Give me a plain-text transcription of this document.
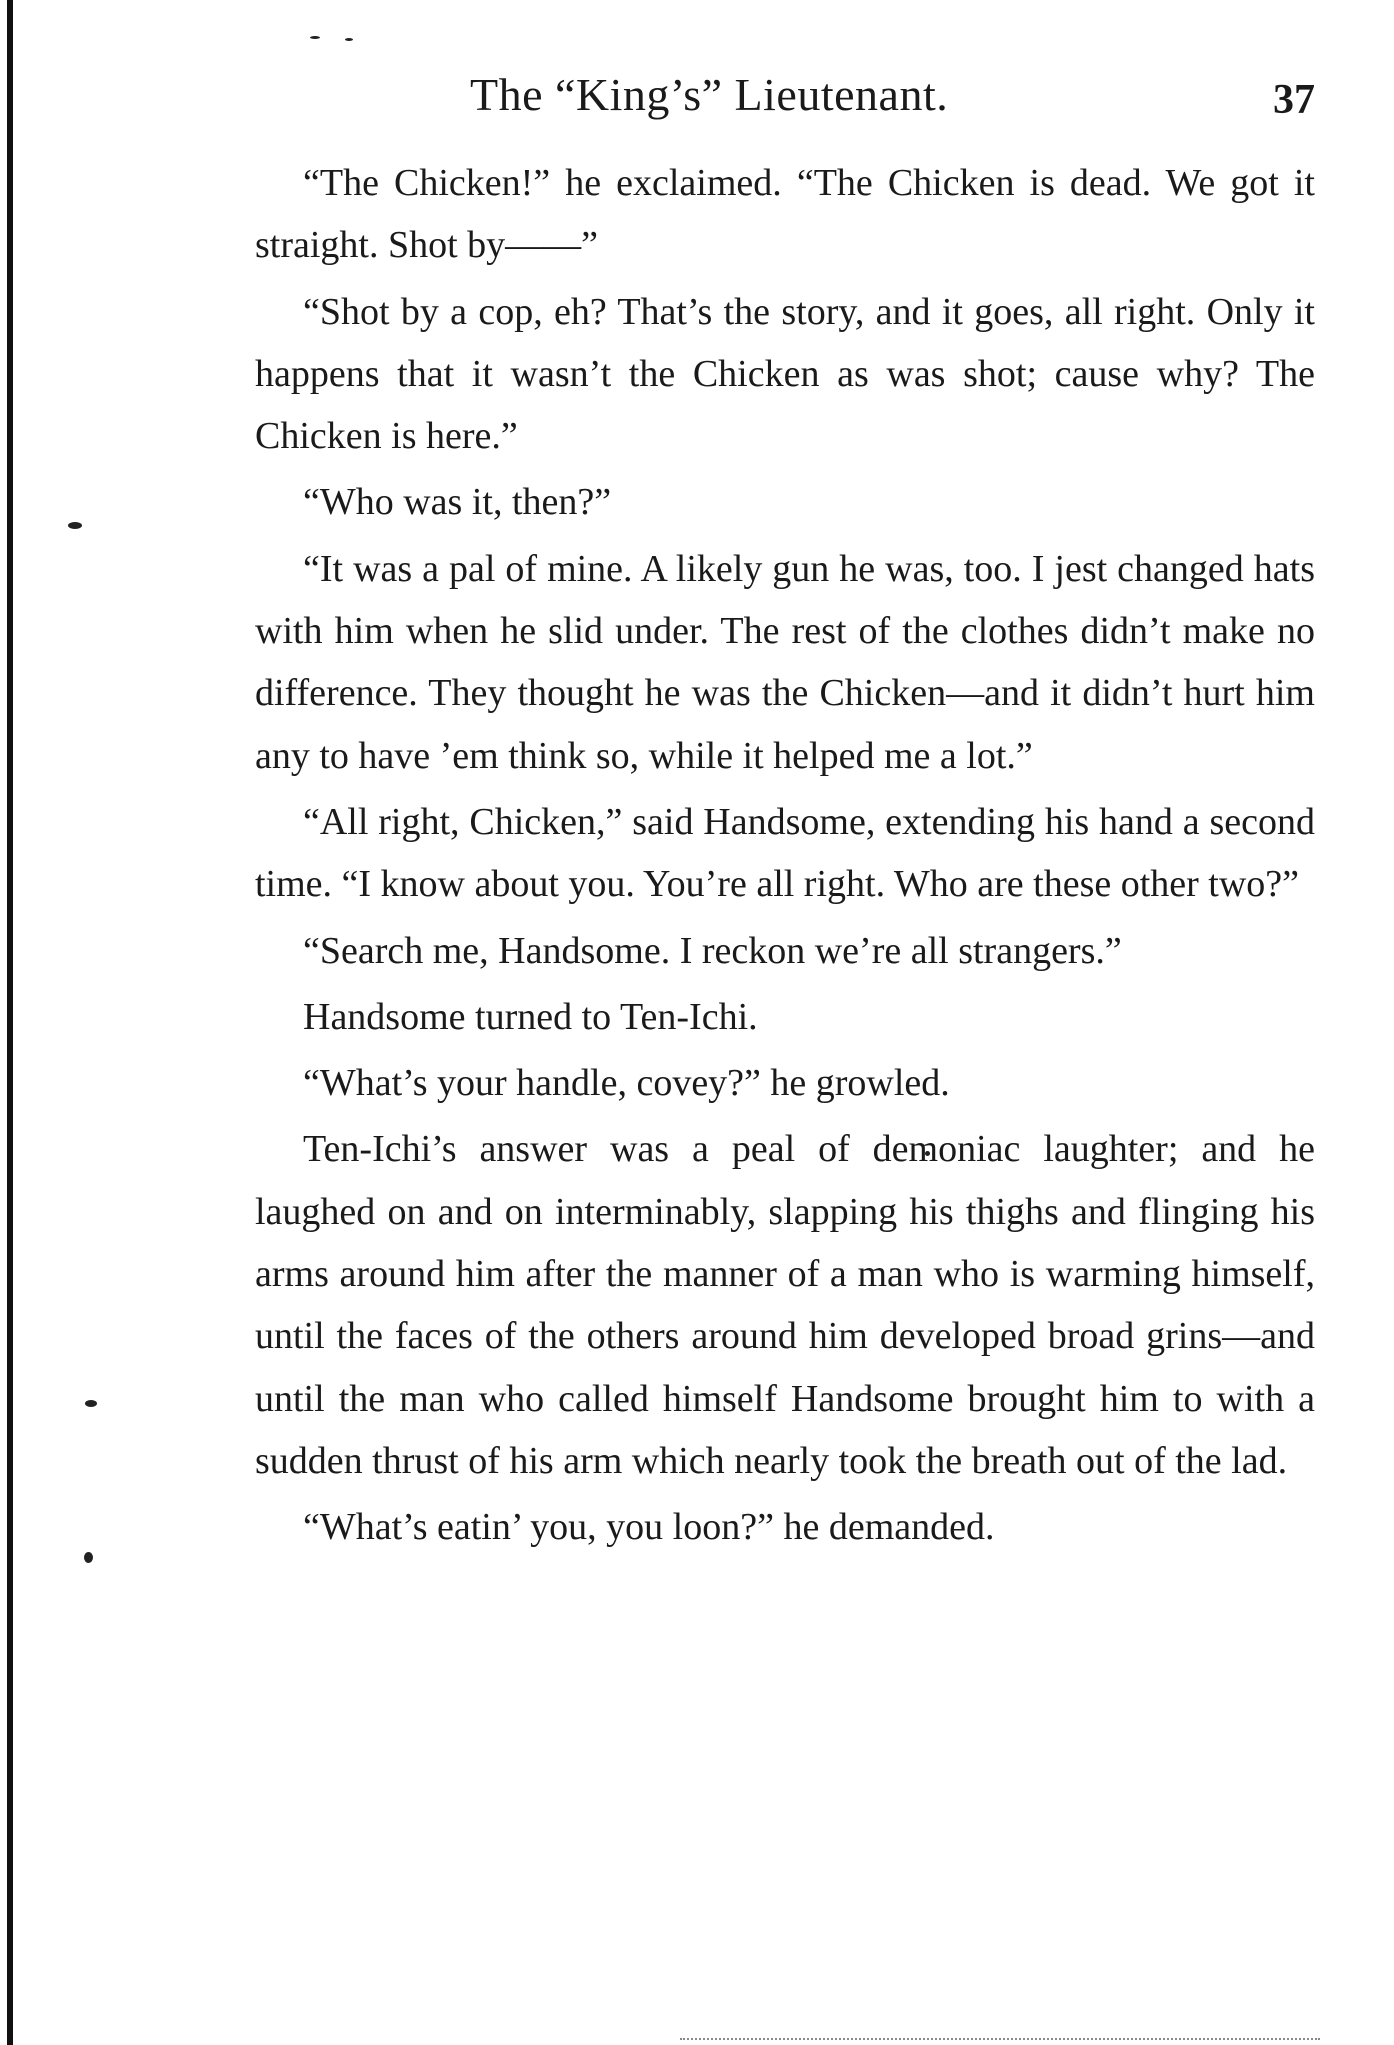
The “King’s” Lieutenant.	37

“The Chicken!” he exclaimed. “The Chicken is dead. We got it straight. Shot by——”

“Shot by a cop, eh? That’s the story, and it goes, all right. Only it happens that it wasn’t the Chicken as was shot; cause why? The Chicken is here.”

“Who was it, then?”

“It was a pal of mine. A likely gun he was, too. I jest changed hats with him when he slid under. The rest of the clothes didn’t make no difference. They thought he was the Chicken—and it didn’t hurt him any to have ’em think so, while it helped me a lot.”

“All right, Chicken,” said Handsome, extending his hand a second time. “I know about you. You’re all right. Who are these other two?”

“Search me, Handsome. I reckon we’re all strangers.”

Handsome turned to Ten-Ichi.

“What’s your handle, covey?” he growled.

Ten-Ichi’s answer was a peal of demoniac laughter; and he laughed on and on interminably, slapping his thighs and flinging his arms around him after the manner of a man who is warming himself, until the faces of the others around him developed broad grins—and until the man who called himself Handsome brought him to with a sudden thrust of his arm which nearly took the breath out of the lad.

“What’s eatin’ you, you loon?” he demanded.
